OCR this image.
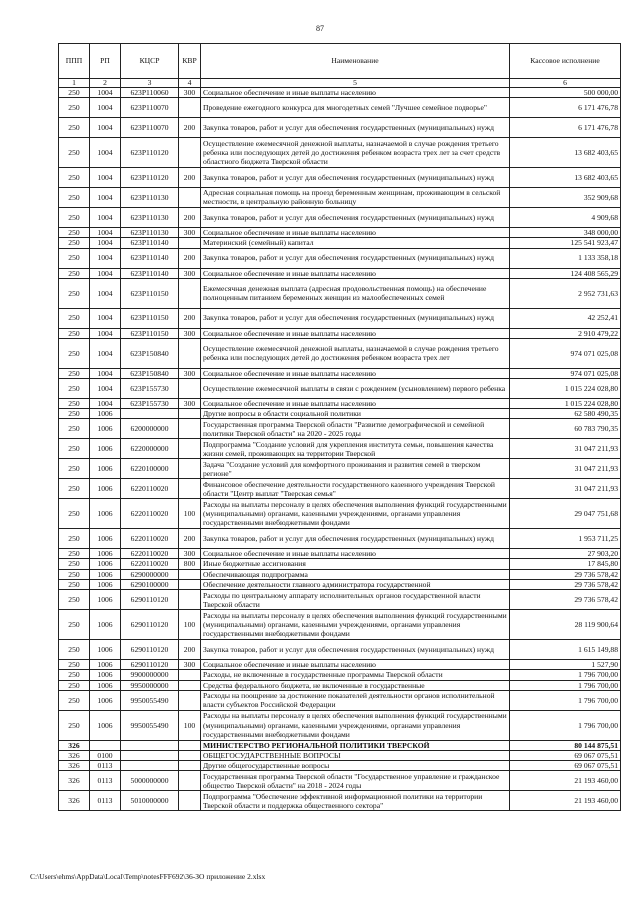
87
ППП	РП	КЦСР	КВР	Наименование	Кассовое исполнение
1	2	3	4	5	6
250	1004	623P110060	300	Социальное обеспечение и иные выплаты населению	500 000,00
250	1004	623P110070		Проведение ежегодного конкурса для многодетных семей "Лучшее семейное подворье"	6 171 476,78
250	1004	623P110070	200	Закупка товаров, работ и услуг для обеспечения государственных (муниципальных) нужд	6 171 476,78
250	1004	623P110120		Осуществление ежемесячной денежной выплаты, назначаемой в случае рождения третьего ребенка или последующих детей до достижения ребенком возраста трех лет за счет средств областного бюджета Тверской области	13 682 403,65
250	1004	623P110120	200	Закупка товаров, работ и услуг для обеспечения государственных (муниципальных) нужд	13 682 403,65
250	1004	623P110130		Адресная социальная помощь на проезд беременным женщинам, проживающим в сельской местности, в центральную районную больницу	352 909,68
250	1004	623P110130	200	Закупка товаров, работ и услуг для обеспечения государственных (муниципальных) нужд	4 909,68
250	1004	623P110130	300	Социальное обеспечение и иные выплаты населению	348 000,00
250	1004	623P110140		Материнский (семейный) капитал	125 541 923,47
250	1004	623P110140	200	Закупка товаров, работ и услуг для обеспечения государственных (муниципальных) нужд	1 133 358,18
250	1004	623P110140	300	Социальное обеспечение и иные выплаты населению	124 408 565,29
250	1004	623P110150		Ежемесячная денежная выплата (адресная продовольственная помощь) на обеспечение полноценным питанием беременных женщин из малообеспеченных семей	2 952 731,63
250	1004	623P110150	200	Закупка товаров, работ и услуг для обеспечения государственных (муниципальных) нужд	42 252,41
250	1004	623P110150	300	Социальное обеспечение и иные выплаты населению	2 910 479,22
250	1004	623P150840		Осуществление ежемесячной денежной выплаты, назначаемой в случае рождения третьего ребенка или последующих детей до достижения ребенком возраста трех лет	974 071 025,08
250	1004	623P150840	300	Социальное обеспечение и иные выплаты населению	974 071 025,08
250	1004	623P155730		Осуществление ежемесячной выплаты в связи с рождением (усыновлением) первого ребенка	1 015 224 028,80
250	1004	623P155730	300	Социальное обеспечение и иные выплаты населению	1 015 224 028,80
250	1006			Другие вопросы в области социальной политики	62 580 490,35
250	1006	6200000000		Государственная программа Тверской области "Развитие демографической и семейной политики Тверской области" на 2020 - 2025 годы	60 783 790,35
250	1006	6220000000		Подпрограмма "Создание условий для укрепления института семьи, повышения качества жизни семей, проживающих на территории Тверской	31 047 211,93
250	1006	6220100000		Задача "Создание условий для комфортного проживания и развития семей в тверском регионе"	31 047 211,93
250	1006	6220110020		Финансовое обеспечение деятельности государственного казенного учреждения Тверской области "Центр выплат "Тверская семья"	31 047 211,93
250	1006	6220110020	100	Расходы на выплаты персоналу в целях обеспечения выполнения функций государственными (муниципальными) органами, казенными учреждениями, органами управления государственными внебюджетными фондами	29 047 751,68
250	1006	6220110020	200	Закупка товаров, работ и услуг для обеспечения государственных (муниципальных) нужд	1 953 711,25
250	1006	6220110020	300	Социальное обеспечение и иные выплаты населению	27 903,20
250	1006	6220110020	800	Иные бюджетные ассигнования	17 845,80
250	1006	6290000000		Обеспечивающая подпрограмма	29 736 578,42
250	1006	6290100000		Обеспечение деятельности главного администратора государственной	29 736 578,42
250	1006	6290110120		Расходы по центральному аппарату исполнительных органов государственной власти Тверской области	29 736 578,42
250	1006	6290110120	100	Расходы на выплаты персоналу в целях обеспечения выполнения функций государственными (муниципальными) органами, казенными учреждениями, органами управления государственными внебюджетными фондами	28 119 900,64
250	1006	6290110120	200	Закупка товаров, работ и услуг для обеспечения государственных (муниципальных) нужд	1 615 149,88
250	1006	6290110120	300	Социальное обеспечение и иные выплаты населению	1 527,90
250	1006	9900000000		Расходы, не включенные в государственные программы Тверской области	1 796 700,00
250	1006	9950000000		Средства федерального бюджета, не включенные в государственные	1 796 700,00
250	1006	9950055490		Расходы на поощрение за достижение показателей деятельности органов исполнительной власти субъектов Российской Федерации	1 796 700,00
250	1006	9950055490	100	Расходы на выплаты персоналу в целях обеспечения выполнения функций государственными (муниципальными) органами, казенными учреждениями, органами управления государственными внебюджетными фондами	1 796 700,00
326				МИНИСТЕРСТВО РЕГИОНАЛЬНОЙ ПОЛИТИКИ ТВЕРСКОЙ	80 144 875,51
326	0100			ОБЩЕГОСУДАРСТВЕННЫЕ ВОПРОСЫ	69 067 075,51
326	0113			Другие общегосударственные вопросы	69 067 075,51
326	0113	5000000000		Государственная программа Тверской области "Государственное управление и гражданское общество Тверской области" на 2018 - 2024 годы	21 193 460,00
326	0113	5010000000		Подпрограмма "Обеспечение эффективной информационной политики на территории Тверской области и поддержка общественного сектора"	21 193 460,00
C:\Users\ehms\AppData\Local\Temp\notesFFF692\36-ЗО приложение 2.xlsx
